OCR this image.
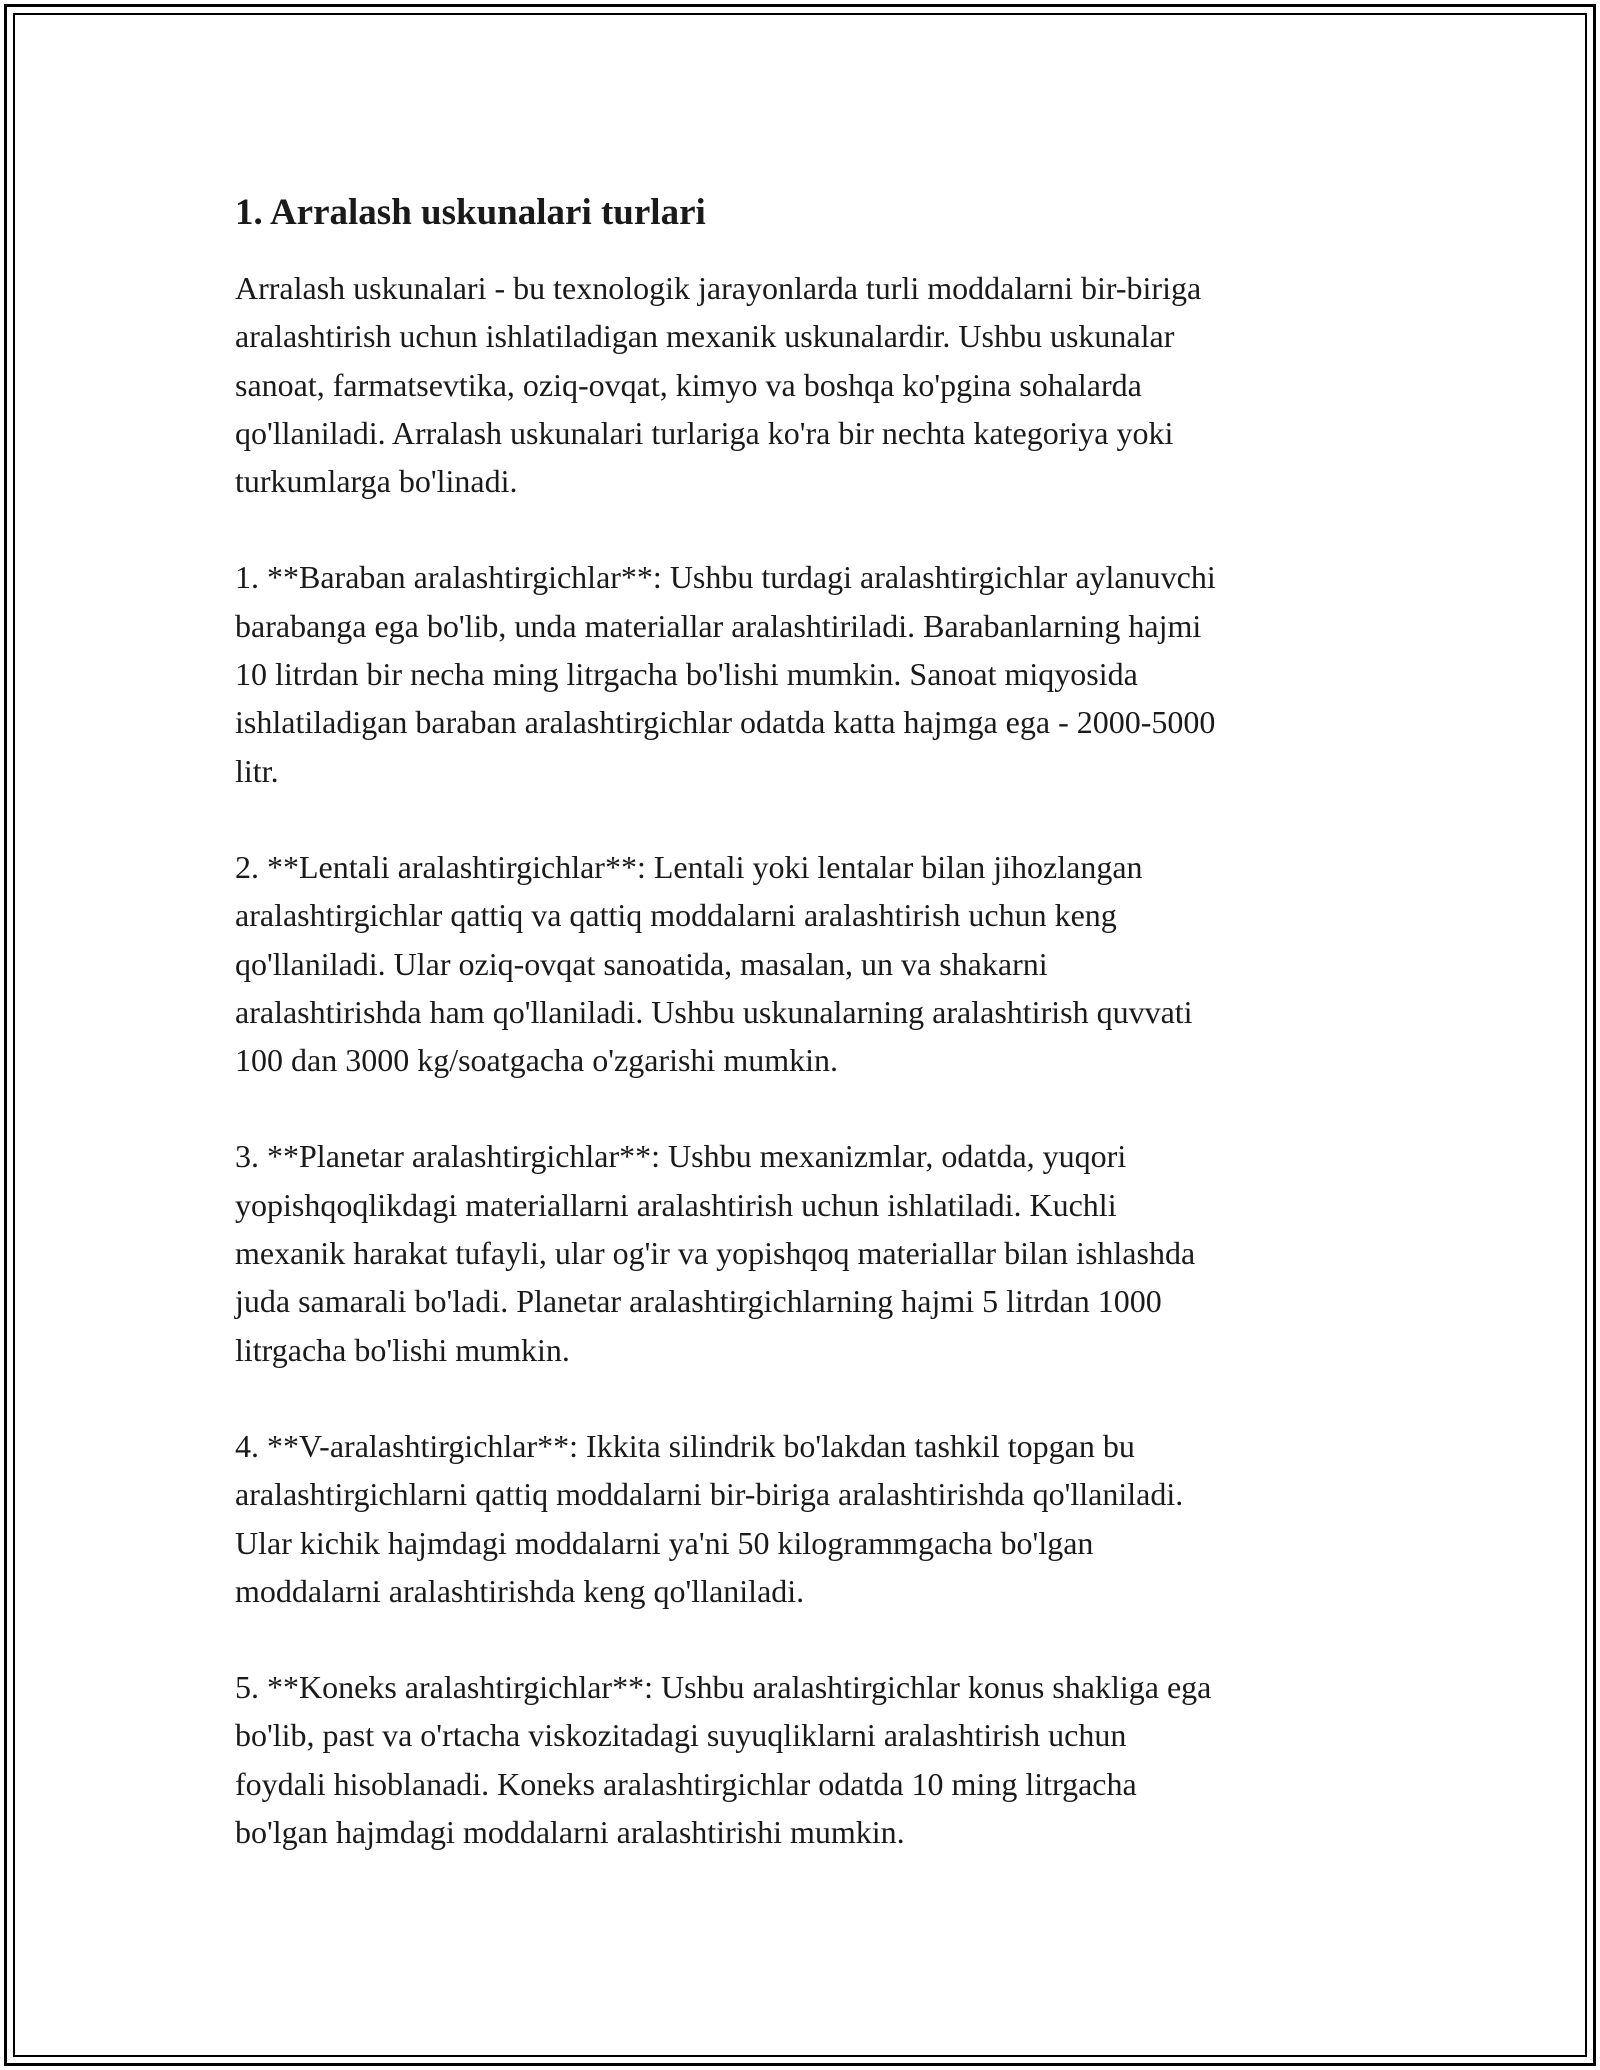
1. Arralash uskunalari turlari

Arralash uskunalari - bu texnologik jarayonlarda turli moddalarni bir-biriga
aralashtirish uchun ishlatiladigan mexanik uskunalardir. Ushbu uskunalar
sanoat, farmatsevtika, oziq-ovqat, kimyo va boshqa ko'pgina sohalarda
qo'llaniladi. Arralash uskunalari turlariga ko'ra bir nechta kategoriya yoki
turkumlarga bo'linadi.

1. **Baraban aralashtirgichlar**: Ushbu turdagi aralashtirgichlar aylanuvchi
barabanga ega bo'lib, unda materiallar aralashtiriladi. Barabanlarning hajmi
10 litrdan bir necha ming litrgacha bo'lishi mumkin. Sanoat miqyosida
ishlatiladigan baraban aralashtirgichlar odatda katta hajmga ega - 2000-5000
litr.

2. **Lentali aralashtirgichlar**: Lentali yoki lentalar bilan jihozlangan
aralashtirgichlar qattiq va qattiq moddalarni aralashtirish uchun keng
qo'llaniladi. Ular oziq-ovqat sanoatida, masalan, un va shakarni
aralashtirishda ham qo'llaniladi. Ushbu uskunalarning aralashtirish quvvati
100 dan 3000 kg/soatgacha o'zgarishi mumkin.

3. **Planetar aralashtirgichlar**: Ushbu mexanizmlar, odatda, yuqori
yopishqoqlikdagi materiallarni aralashtirish uchun ishlatiladi. Kuchli
mexanik harakat tufayli, ular og'ir va yopishqoq materiallar bilan ishlashda
juda samarali bo'ladi. Planetar aralashtirgichlarning hajmi 5 litrdan 1000
litrgacha bo'lishi mumkin.

4. **V-aralashtirgichlar**: Ikkita silindrik bo'lakdan tashkil topgan bu
aralashtirgichlarni qattiq moddalarni bir-biriga aralashtirishda qo'llaniladi.
Ular kichik hajmdagi moddalarni ya'ni 50 kilogrammgacha bo'lgan
moddalarni aralashtirishda keng qo'llaniladi.

5. **Koneks aralashtirgichlar**: Ushbu aralashtirgichlar konus shakliga ega
bo'lib, past va o'rtacha viskozitadagi suyuqliklarni aralashtirish uchun
foydali hisoblanadi. Koneks aralashtirgichlar odatda 10 ming litrgacha
bo'lgan hajmdagi moddalarni aralashtirishi mumkin.
